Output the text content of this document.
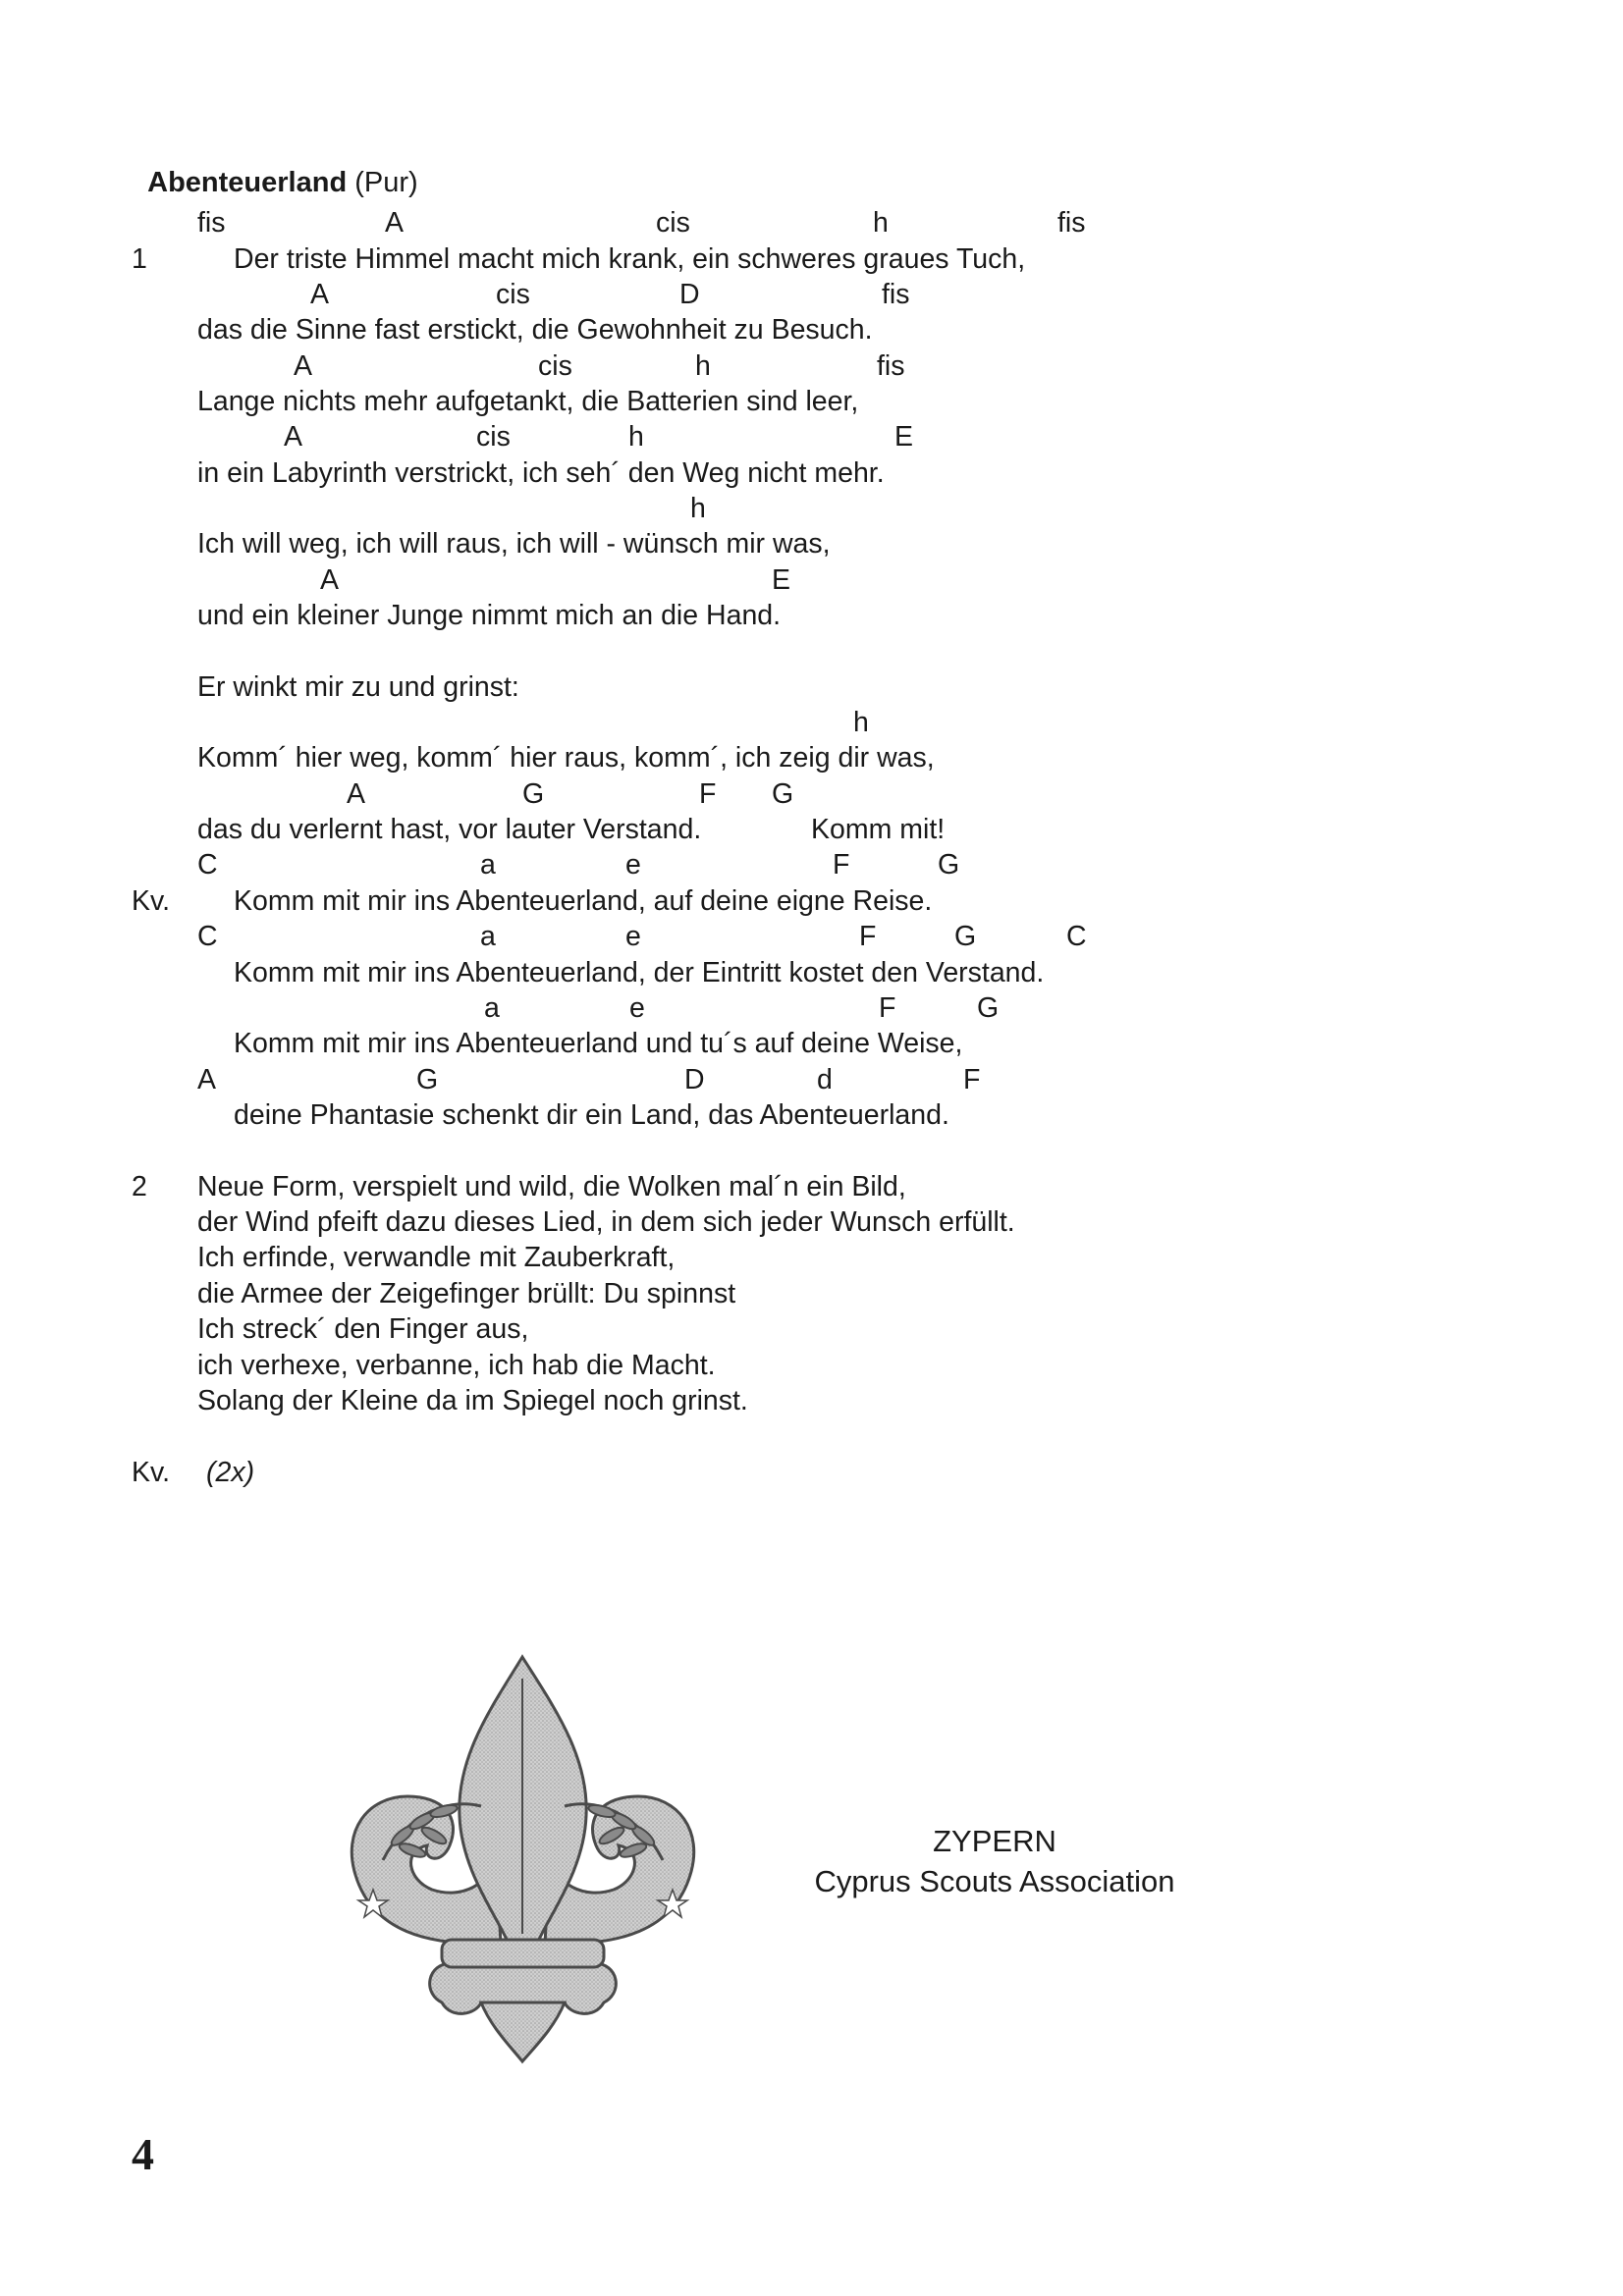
Abenteuerland (Pur)

fis	A	cis	h	fis
1	Der triste Himmel macht mich krank, ein schweres graues Tuch,
A	cis	D	fis
das die Sinne fast erstickt, die Gewohnheit zu Besuch.
A	cis	h	fis
Lange nichts mehr aufgetankt, die Batterien sind leer,
A	cis	h	E
in ein Labyrinth verstrickt, ich seh´ den Weg nicht mehr.
h
Ich will weg, ich will raus, ich will - wünsch mir was,
A	E
und ein kleiner Junge nimmt mich an die Hand.
Er winkt mir zu und grinst:
h
Komm´ hier weg, komm´ hier raus, komm´, ich zeig dir was,
A	G	F G
das du verlernt hast, vor lauter Verstand.	Komm mit!
C	a	e	F	G
Kv. Komm mit mir ins Abenteuerland, auf deine eigne Reise.
C	a	e	F	G	C
Komm mit mir ins Abenteuerland, der Eintritt kostet den Verstand.
a	e	F	G
Komm mit mir ins Abenteuerland und tu´s auf deine Weise,
A	G	D	d	F
deine Phantasie schenkt dir ein Land, das Abenteuerland.
2 Neue Form, verspielt und wild, die Wolken mal´n ein Bild,
der Wind pfeift dazu dieses Lied, in dem sich jeder Wunsch erfüllt.
Ich erfinde, verwandle mit Zauberkraft,
die Armee der Zeigefinger brüllt: Du spinnst
Ich streck´ den Finger aus,
ich verhexe, verbanne, ich hab die Macht.
Solang der Kleine da im Spiegel noch grinst.
Kv. (2x)
ZYPERN
Cyprus Scouts Association
4
